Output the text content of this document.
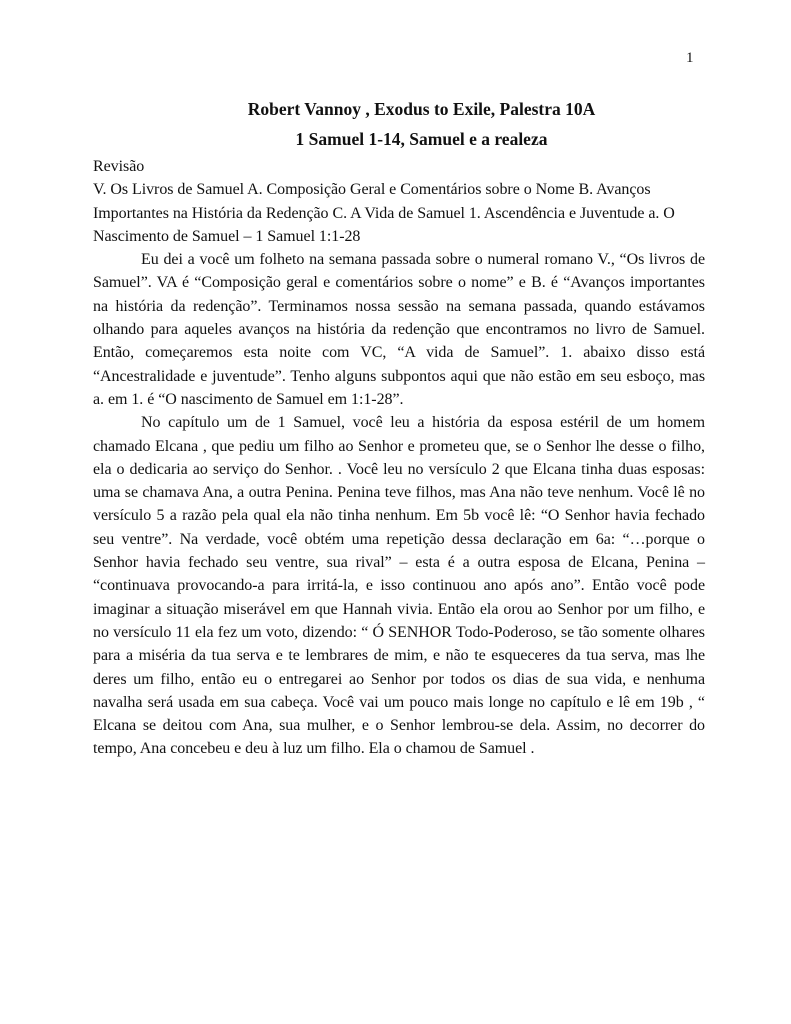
1
Robert Vannoy , Exodus to Exile, Palestra 10A
1 Samuel 1-14, Samuel e a realeza

Revisão

V. Os Livros de Samuel A. Composição Geral e Comentários sobre o Nome B. Avanços Importantes na História da Redenção C. A Vida de Samuel 1. Ascendência e Juventude a. O Nascimento de Samuel – 1 Samuel 1:1-28

Eu dei a você um folheto na semana passada sobre o numeral romano V., “Os livros de Samuel”. VA é “Composição geral e comentários sobre o nome” e B. é “Avanços importantes na história da redenção”. Terminamos nossa sessão na semana passada, quando estávamos olhando para aqueles avanços na história da redenção que encontramos no livro de Samuel. Então, começaremos esta noite com VC, “A vida de Samuel”. 1. abaixo disso está “Ancestralidade e juventude”. Tenho alguns subpontos aqui que não estão em seu esboço, mas a. em 1. é “O nascimento de Samuel em 1:1-28”.

No capítulo um de 1 Samuel, você leu a história da esposa estéril de um homem chamado Elcana , que pediu um filho ao Senhor e prometeu que, se o Senhor lhe desse o filho, ela o dedicaria ao serviço do Senhor. . Você leu no versículo 2 que Elcana tinha duas esposas: uma se chamava Ana, a outra Penina. Penina teve filhos, mas Ana não teve nenhum. Você lê no versículo 5 a razão pela qual ela não tinha nenhum. Em 5b você lê: “O Senhor havia fechado seu ventre”. Na verdade, você obtém uma repetição dessa declaração em 6a: “…porque o Senhor havia fechado seu ventre, sua rival” – esta é a outra esposa de Elcana, Penina – “continuava provocando-a para irritá-la, e isso continuou ano após ano”. Então você pode imaginar a situação miserável em que Hannah vivia. Então ela orou ao Senhor por um filho, e no versículo 11 ela fez um voto, dizendo: “ Ó SENHOR Todo-Poderoso, se tão somente olhares para a miséria da tua serva e te lembrares de mim, e não te esqueceres da tua serva, mas lhe deres um filho, então eu o entregarei ao Senhor por todos os dias de sua vida, e nenhuma navalha será usada em sua cabeça. Você vai um pouco mais longe no capítulo e lê em 19b , “ Elcana se deitou com Ana, sua mulher, e o Senhor lembrou-se dela. Assim, no decorrer do tempo, Ana concebeu e deu à luz um filho. Ela o chamou de Samuel .
